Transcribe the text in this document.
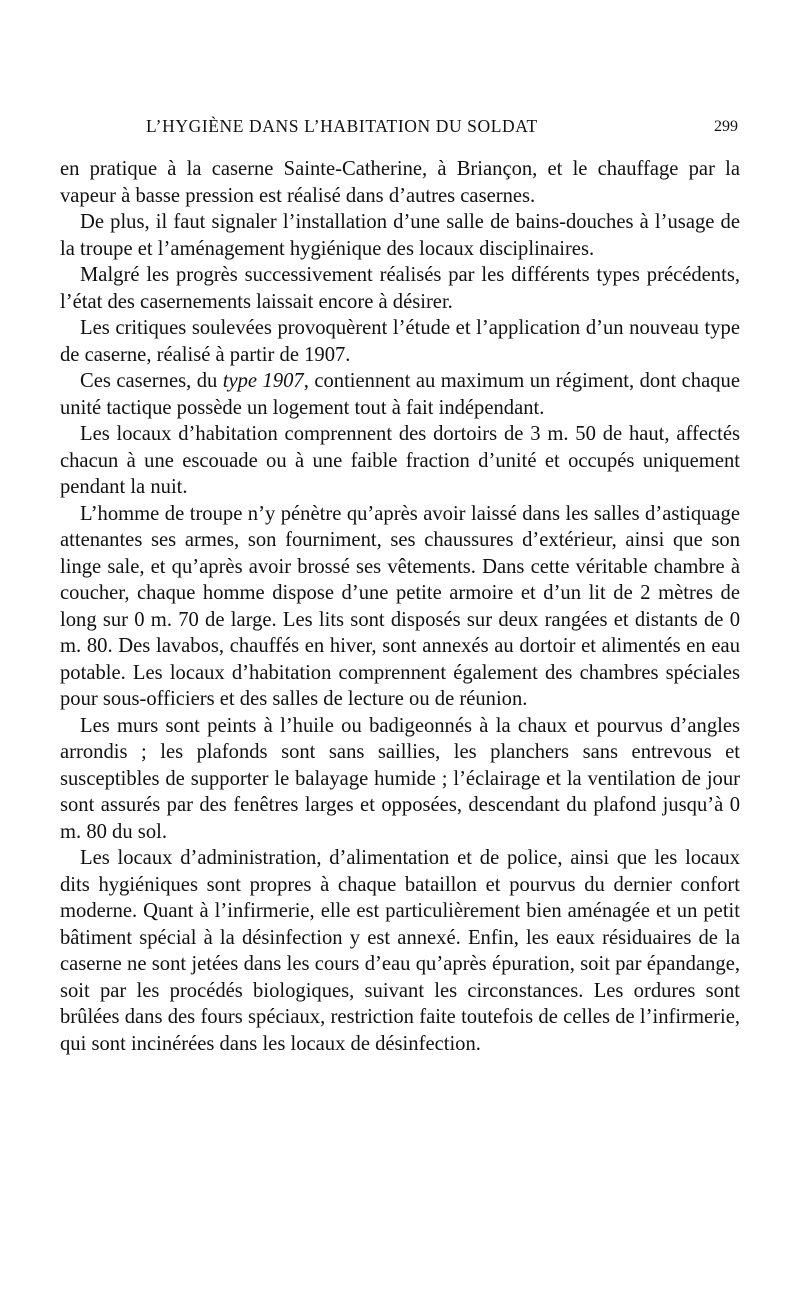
L’HYGIÈNE DANS L’HABITATION DU SOLDAT	299

en pratique à la caserne Sainte-Catherine, à Briançon, et le chauffage par la vapeur à basse pression est réalisé dans d’autres casernes.

De plus, il faut signaler l’installation d’une salle de bains-douches à l’usage de la troupe et l’aménagement hygiénique des locaux disciplinaires.

Malgré les progrès successivement réalisés par les différents types précédents, l’état des casernements laissait encore à désirer.

Les critiques soulevées provoquèrent l’étude et l’application d’un nouveau type de caserne, réalisé à partir de 1907.

Ces casernes, du type 1907, contiennent au maximum un régiment, dont chaque unité tactique possède un logement tout à fait indépendant.

Les locaux d’habitation comprennent des dortoirs de 3 m. 50 de haut, affectés chacun à une escouade ou à une faible fraction d’unité et occupés uniquement pendant la nuit.

L’homme de troupe n’y pénètre qu’après avoir laissé dans les salles d’astiquage attenantes ses armes, son fourniment, ses chaussures d’extérieur, ainsi que son linge sale, et qu’après avoir brossé ses vêtements. Dans cette véritable chambre à coucher, chaque homme dispose d’une petite armoire et d’un lit de 2 mètres de long sur 0 m. 70 de large. Les lits sont disposés sur deux rangées et distants de 0 m. 80. Des lavabos, chauffés en hiver, sont annexés au dortoir et alimentés en eau potable. Les locaux d’habitation comprennent également des chambres spéciales pour sous-officiers et des salles de lecture ou de réunion.

Les murs sont peints à l’huile ou badigeonnés à la chaux et pourvus d’angles arrondis ; les plafonds sont sans saillies, les planchers sans entrevous et susceptibles de supporter le balayage humide ; l’éclairage et la ventilation de jour sont assurés par des fenêtres larges et opposées, descendant du plafond jusqu’à 0 m. 80 du sol.

Les locaux d’administration, d’alimentation et de police, ainsi que les locaux dits hygiéniques sont propres à chaque bataillon et pourvus du dernier confort moderne. Quant à l’infirmerie, elle est particulièrement bien aménagée et un petit bâtiment spécial à la désinfection y est annexé. Enfin, les eaux résiduaires de la caserne ne sont jetées dans les cours d’eau qu’après épuration, soit par épandange, soit par les procédés biologiques, suivant les circonstances. Les ordures sont brûlées dans des fours spéciaux, restriction faite toutefois de celles de l’infirmerie, qui sont incinérées dans les locaux de désinfection.
